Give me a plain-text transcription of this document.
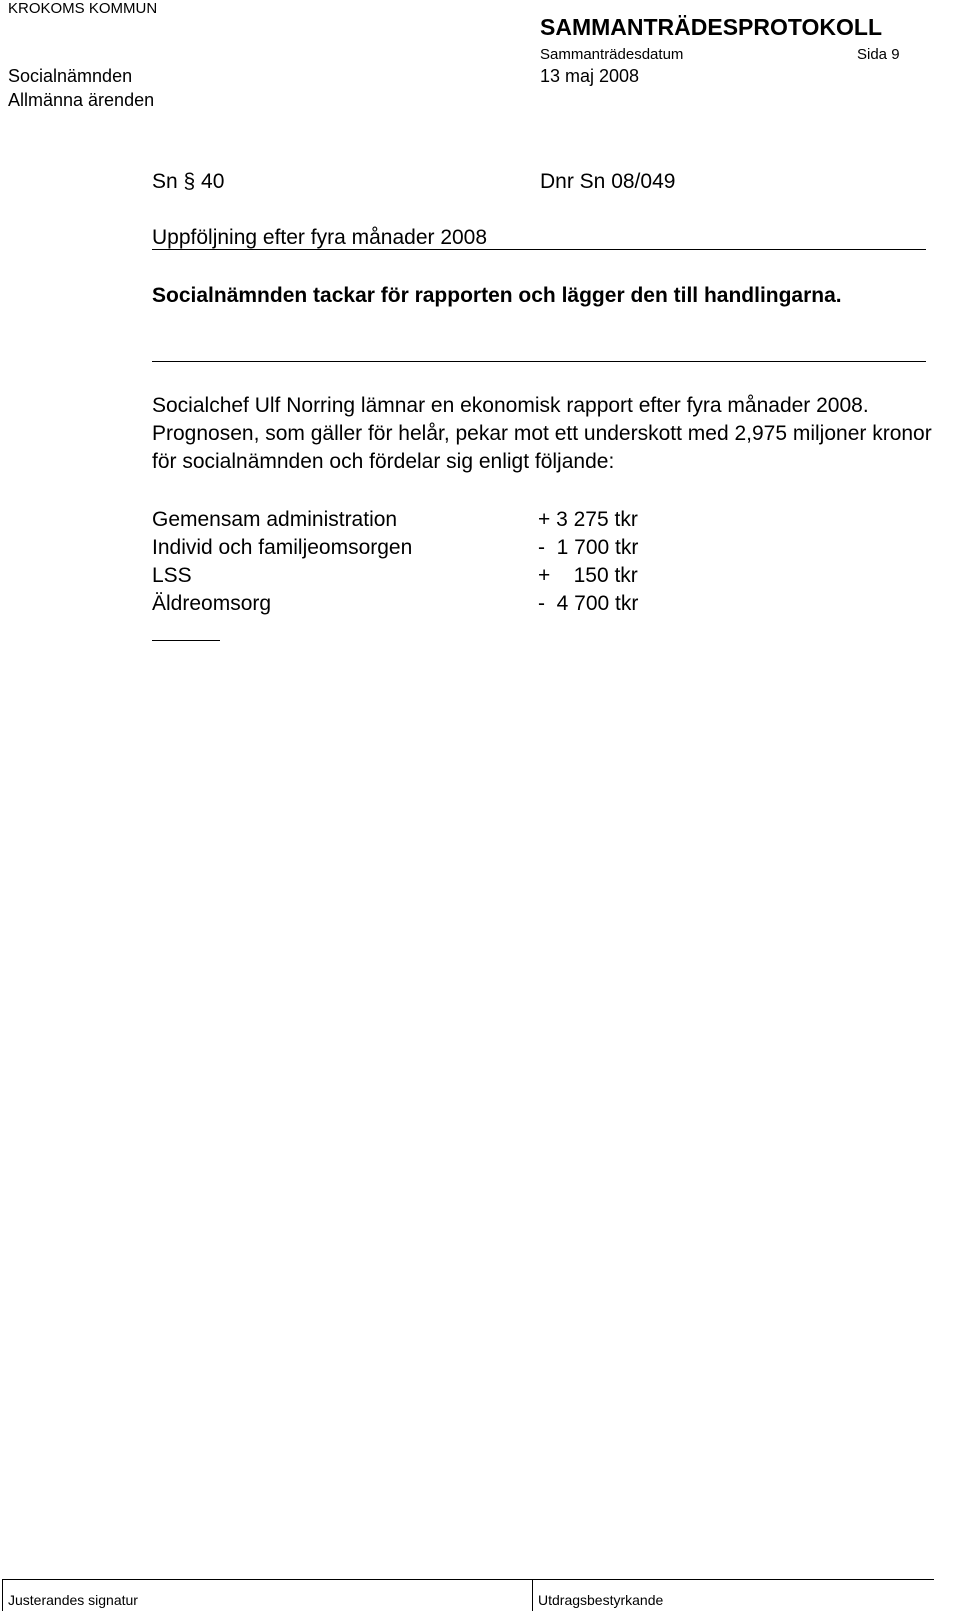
KROKOMS KOMMUN
SAMMANTRÄDESPROTOKOLL
Sammanträdesdatum	Sida 9
Socialnämnden	13 maj 2008
Allmänna ärenden
Sn § 40	Dnr Sn 08/049
Uppföljning efter fyra månader 2008
Socialnämnden tackar för rapporten och lägger den till handlingarna.
Socialchef Ulf Norring lämnar en ekonomisk rapport efter fyra månader 2008. Prognosen, som gäller för helår, pekar mot ett underskott med 2,975 miljoner kronor för socialnämnden och fördelar sig enligt följande:
Gemensam administration	+ 3 275 tkr
Individ och familjeomsorgen	-  1 700 tkr
LSS	+    150 tkr
Äldreomsorg	-  4 700 tkr
Justerandes signatur	Utdragsbestyrkande
